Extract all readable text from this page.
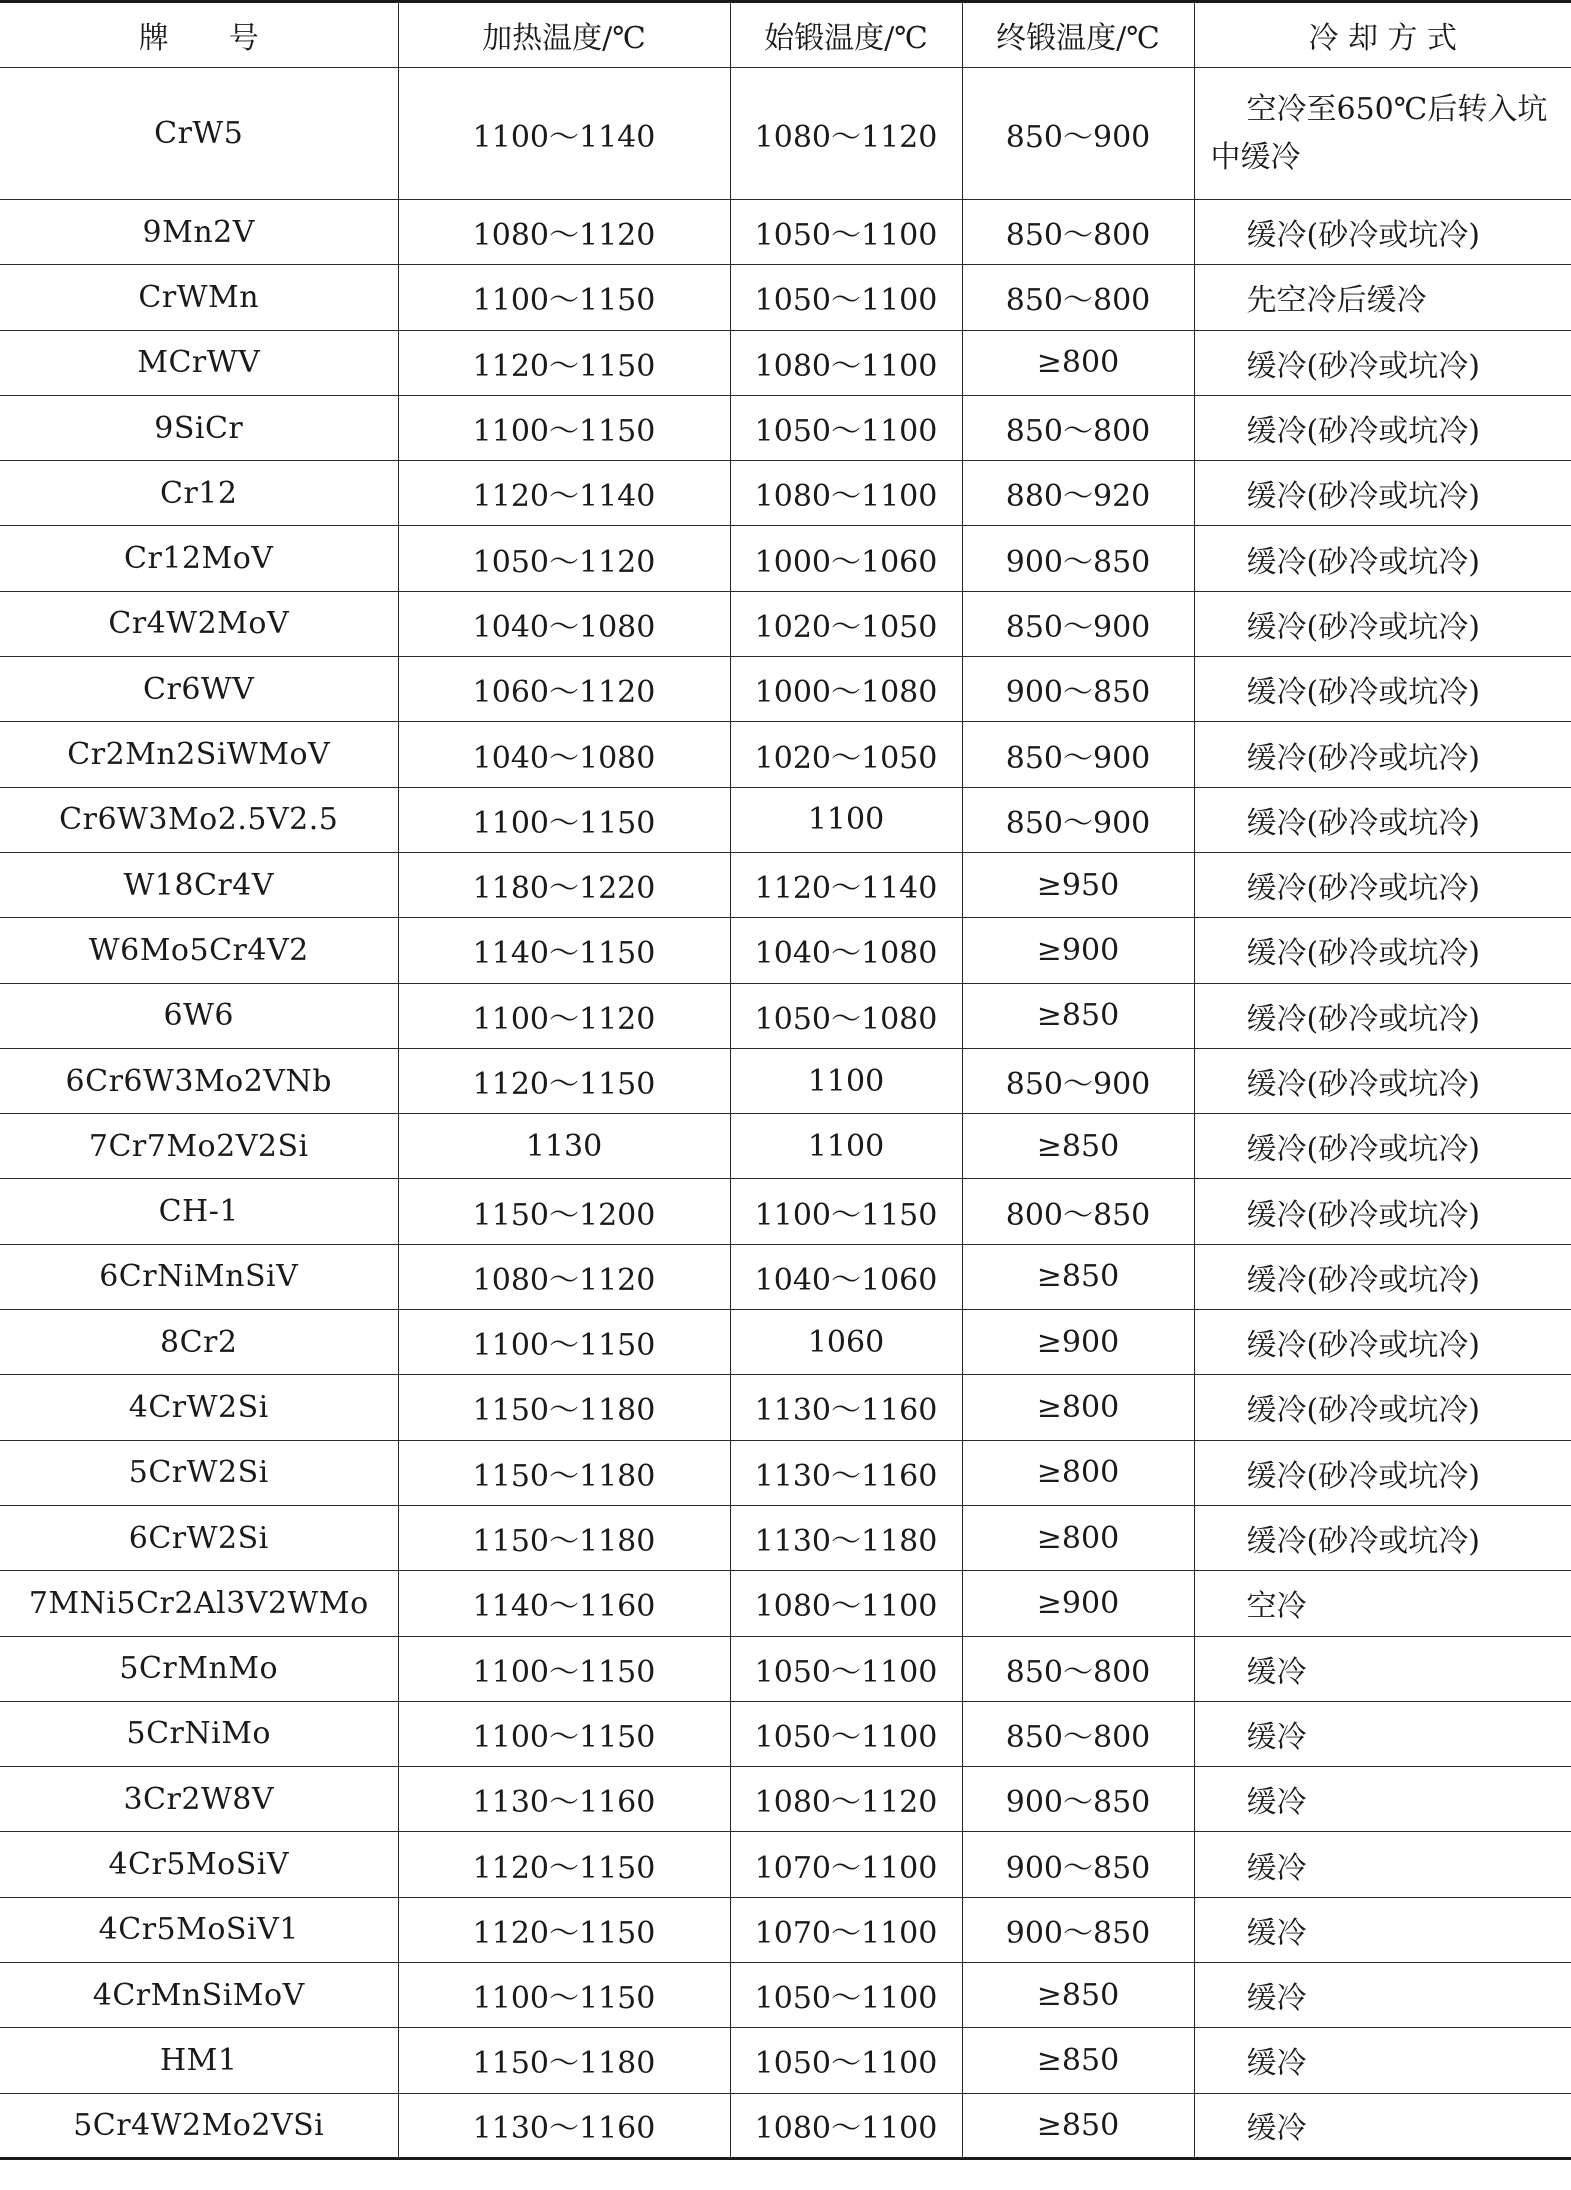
牌　　号	加热温度/℃	始锻温度/℃	终锻温度/℃	冷 却 方 式
CrW5	1100～1140	1080～1120	850～900	空冷至650℃后转入坑中缓冷
9Mn2V	1080～1120	1050～1100	850～800	缓冷(砂冷或坑冷)
CrWMn	1100～1150	1050～1100	850～800	先空冷后缓冷
MCrWV	1120～1150	1080～1100	≥800	缓冷(砂冷或坑冷)
9SiCr	1100～1150	1050～1100	850～800	缓冷(砂冷或坑冷)
Cr12	1120～1140	1080～1100	880～920	缓冷(砂冷或坑冷)
Cr12MoV	1050～1120	1000～1060	900～850	缓冷(砂冷或坑冷)
Cr4W2MoV	1040～1080	1020～1050	850～900	缓冷(砂冷或坑冷)
Cr6WV	1060～1120	1000～1080	900～850	缓冷(砂冷或坑冷)
Cr2Mn2SiWMoV	1040～1080	1020～1050	850～900	缓冷(砂冷或坑冷)
Cr6W3Mo2.5V2.5	1100～1150	1100	850～900	缓冷(砂冷或坑冷)
W18Cr4V	1180～1220	1120～1140	≥950	缓冷(砂冷或坑冷)
W6Mo5Cr4V2	1140～1150	1040～1080	≥900	缓冷(砂冷或坑冷)
6W6	1100～1120	1050～1080	≥850	缓冷(砂冷或坑冷)
6Cr6W3Mo2VNb	1120～1150	1100	850～900	缓冷(砂冷或坑冷)
7Cr7Mo2V2Si	1130	1100	≥850	缓冷(砂冷或坑冷)
CH-1	1150～1200	1100～1150	800～850	缓冷(砂冷或坑冷)
6CrNiMnSiV	1080～1120	1040～1060	≥850	缓冷(砂冷或坑冷)
8Cr2	1100～1150	1060	≥900	缓冷(砂冷或坑冷)
4CrW2Si	1150～1180	1130～1160	≥800	缓冷(砂冷或坑冷)
5CrW2Si	1150～1180	1130～1160	≥800	缓冷(砂冷或坑冷)
6CrW2Si	1150～1180	1130～1180	≥800	缓冷(砂冷或坑冷)
7MNi5Cr2Al3V2WMo	1140～1160	1080～1100	≥900	空冷
5CrMnMo	1100～1150	1050～1100	850～800	缓冷
5CrNiMo	1100～1150	1050～1100	850～800	缓冷
3Cr2W8V	1130～1160	1080～1120	900～850	缓冷
4Cr5MoSiV	1120～1150	1070～1100	900～850	缓冷
4Cr5MoSiV1	1120～1150	1070～1100	900～850	缓冷
4CrMnSiMoV	1100～1150	1050～1100	≥850	缓冷
HM1	1150～1180	1050～1100	≥850	缓冷
5Cr4W2Mo2VSi	1130～1160	1080～1100	≥850	缓冷
